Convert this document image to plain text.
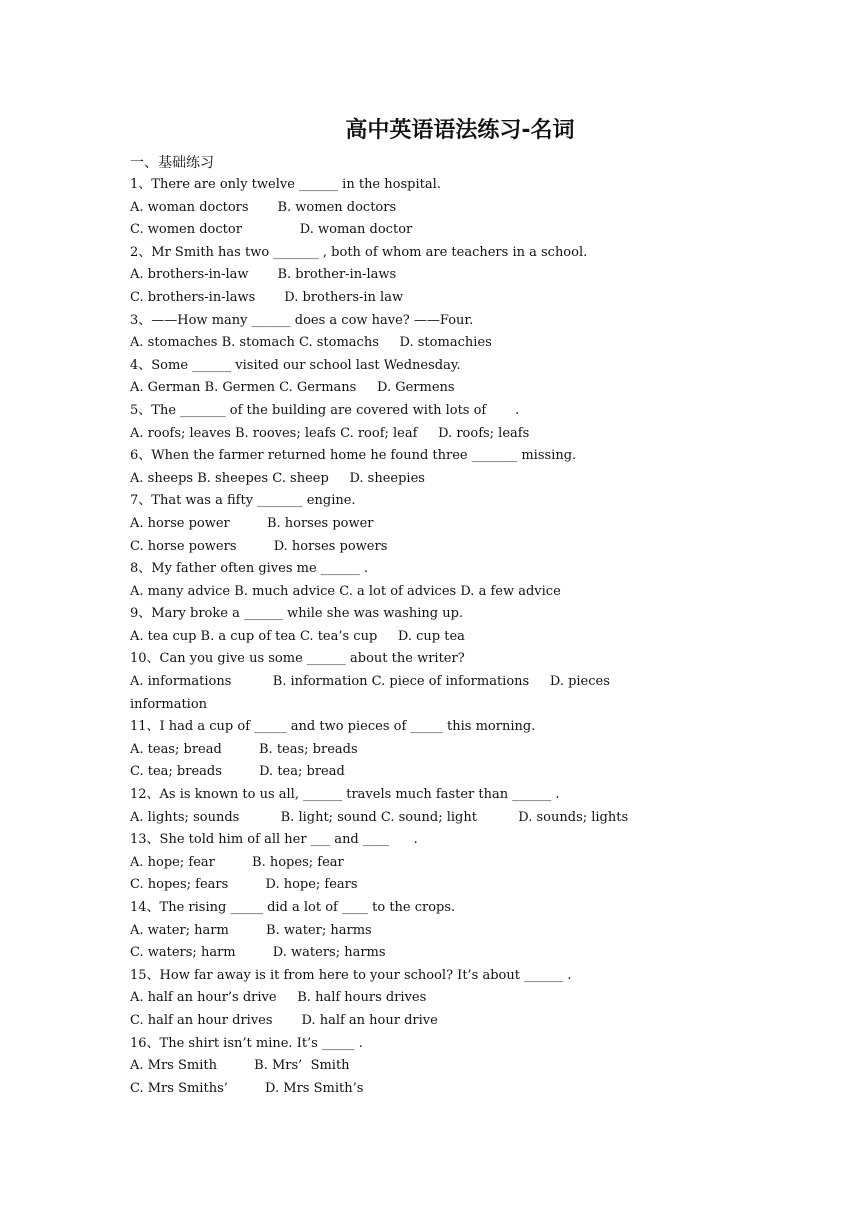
高中英语语法练习-名词
一、基础练习
1、There are only twelve ______ in the hospital.
A. woman doctors       B. women doctors
C. women doctor              D. woman doctor
2、Mr Smith has two _______ , both of whom are teachers in a school.
A. brothers-in-law       B. brother-in-laws
C. brothers-in-laws       D. brothers-in law
3、——How many ______ does a cow have? ——Four.
A. stomaches B. stomach C. stomachs     D. stomachies
4、Some ______ visited our school last Wednesday.
A. German B. Germen C. Germans     D. Germens
5、The _______ of the building are covered with lots of       .
A. roofs; leaves B. rooves; leafs C. roof; leaf     D. roofs; leafs
6、When the farmer returned home he found three _______ missing.
A. sheeps B. sheepes C. sheep     D. sheepies
7、That was a fifty _______ engine.
A. horse power         B. horses power
C. horse powers         D. horses powers
8、My father often gives me ______ .
A. many advice B. much advice C. a lot of advices D. a few advice
9、Mary broke a ______ while she was washing up.
A. tea cup B. a cup of tea C. tea’s cup     D. cup tea
10、Can you give us some ______ about the writer?
A. informations          B. information C. piece of informations     D. pieces
information
11、I had a cup of _____ and two pieces of _____ this morning.
A. teas; bread         B. teas; breads
C. tea; breads         D. tea; bread
12、As is known to us all, ______ travels much faster than ______ .
A. lights; sounds          B. light; sound C. sound; light          D. sounds; lights
13、She told him of all her ___ and ____      .
A. hope; fear         B. hopes; fear
C. hopes; fears         D. hope; fears
14、The rising _____ did a lot of ____ to the crops.
A. water; harm         B. water; harms
C. waters; harm         D. waters; harms
15、How far away is it from here to your school? It’s about ______ .
A. half an hour’s drive     B. half hours drives
C. half an hour drives       D. half an hour drive
16、The shirt isn’t mine. It’s _____ .
A. Mrs Smith         B. Mrs’  Smith
C. Mrs Smiths’         D. Mrs Smith’s
